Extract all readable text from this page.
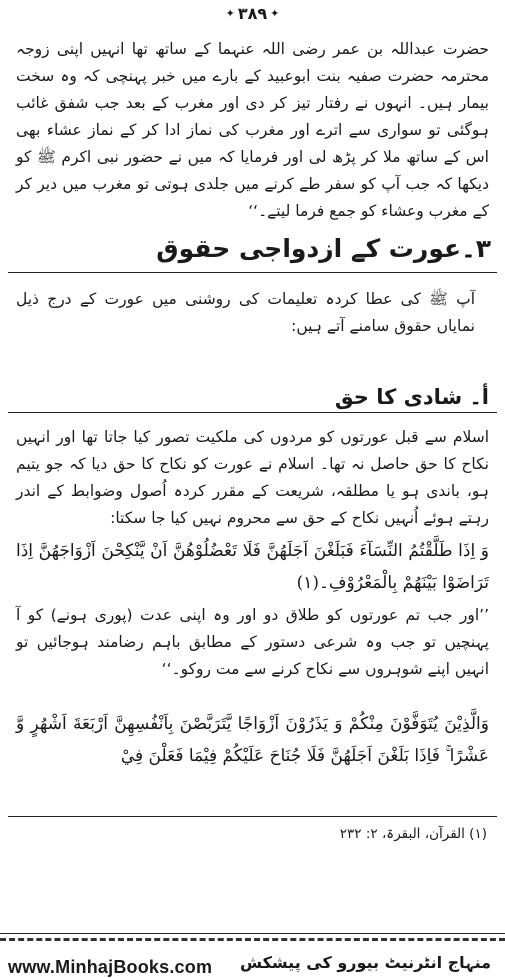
✦ ۳۸۹ ✦
حضرت عبداللہ بن عمر رضی اللہ عنہما کے ساتھ تھا انہیں اپنی زوجہ محترمہ حضرت صفیہ بنت ابوعبید کے بارے میں خبر پہنچی کہ وہ سخت بیمار ہیں۔ انہوں نے رفتار تیز کر دی اور مغرب کے بعد جب شفق غائب ہوگئی تو سواری سے اترے اور مغرب کی نماز ادا کر کے نماز عشاء بھی اس کے ساتھ ملا کر پڑھ لی اور فرمایا کہ میں نے حضور نبی اکرم ﷺ کو دیکھا کہ جب آپ کو سفر طے کرنے میں جلدی ہوتی تو مغرب میں دیر کر کے مغرب وعشاء کو جمع فرما لیتے۔‘‘
۳۔عورت کے ازدواجی حقوق
آپ ﷺ کی عطا کردہ تعلیمات کی روشنی میں عورت کے درج ذیل نمایاں حقوق سامنے آتے ہیں:
أ۔ شادی کا حق
اسلام سے قبل عورتوں کو مردوں کی ملکیت تصور کیا جاتا تھا اور انہیں نکاح کا حق حاصل نہ تھا۔ اسلام نے عورت کو نکاح کا حق دیا کہ جو یتیم ہو، باندی ہو یا مطلقہ، شریعت کے مقرر کردہ اُصول وضوابط کے اندر رہتے ہوئے اُنہیں نکاح کے حق سے محروم نہیں کیا جا سکتا:
وَ اِذَا طَلَّقْتُمُ النِّسَآءَ فَبَلَغْنَ اَجَلَهُنَّ فَلَا تَعْضُلُوْهُنَّ اَنْ يَّنْكِحْنَ اَزْوَاجَهُنَّ اِذَا تَرَاضَوْا بَيْنَهُمْ بِالْمَعْرُوْفِ۔(۱)
’’اور جب تم عورتوں کو طلاق دو اور وہ اپنی عدت (پوری ہونے) کو آ پہنچیں تو جب وہ شرعی دستور کے مطابق باہم رضامند ہوجائیں تو انہیں اپنے شوہروں سے نکاح کرنے سے مت روکو۔‘‘
وَالَّذِيْنَ يُتَوَفَّوْنَ مِنْكُمْ وَ يَذَرُوْنَ اَزْوَاجًا يَّتَرَبَّصْنَ بِاَنْفُسِهِنَّ اَرْبَعَةَ اَشْهُرٍ وَّ عَشْرًا ۚ فَاِذَا بَلَغْنَ اَجَلَهُنَّ فَلَا جُنَاحَ عَلَيْكُمْ فِيْمَا فَعَلْنَ فِيْ
(۱) القرآن، البقرۃ، ۲: ۲۳۲
www.MinhajBooks.com منہاج انٹرنیٹ بیورو کی پیشکش
